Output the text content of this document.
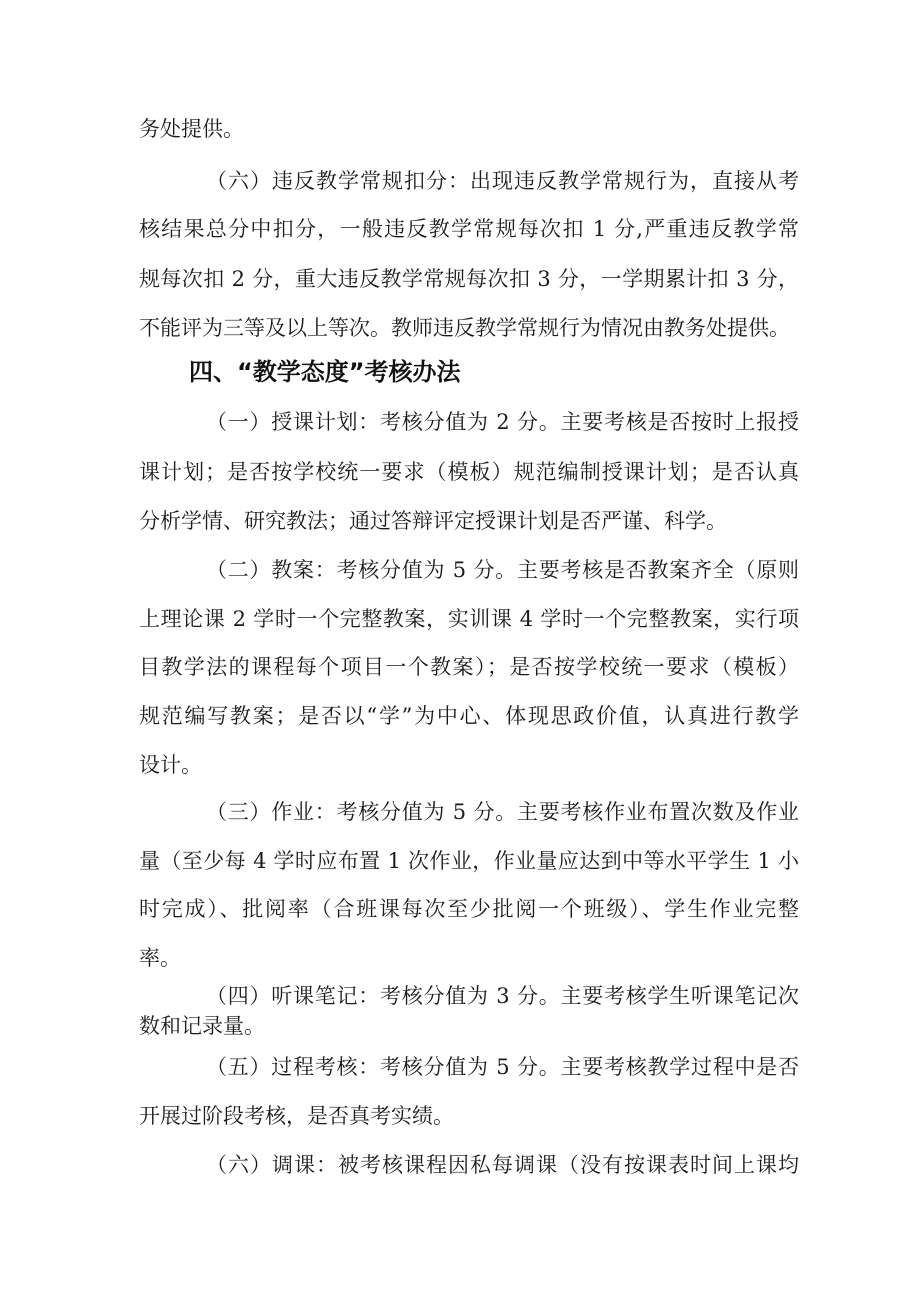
务处提供。
（六）违反教学常规扣分：出现违反教学常规行为，直接从考
核结果总分中扣分，一般违反教学常规每次扣 1 分,严重违反教学常
规每次扣 2 分，重大违反教学常规每次扣 3 分，一学期累计扣 3 分，
不能评为三等及以上等次。教师违反教学常规行为情况由教务处提供。
四、“教学态度”考核办法
（一）授课计划：考核分值为 2 分。主要考核是否按时上报授
课计划；是否按学校统一要求（模板）规范编制授课计划；是否认真
分析学情、研究教法；通过答辩评定授课计划是否严谨、科学。
（二）教案：考核分值为 5 分。主要考核是否教案齐全（原则
上理论课 2 学时一个完整教案，实训课 4 学时一个完整教案，实行项
目教学法的课程每个项目一个教案）；是否按学校统一要求（模板）
规范编写教案；是否以“学”为中心、体现思政价值，认真进行教学
设计。
（三）作业：考核分值为 5 分。主要考核作业布置次数及作业
量（至少每 4 学时应布置 1 次作业，作业量应达到中等水平学生 1 小
时完成）、批阅率（合班课每次至少批阅一个班级）、学生作业完整
率。
（四）听课笔记：考核分值为 3 分。主要考核学生听课笔记次
数和记录量。
（五）过程考核：考核分值为 5 分。主要考核教学过程中是否
开展过阶段考核，是否真考实绩。
（六）调课：被考核课程因私每调课（没有按课表时间上课均
